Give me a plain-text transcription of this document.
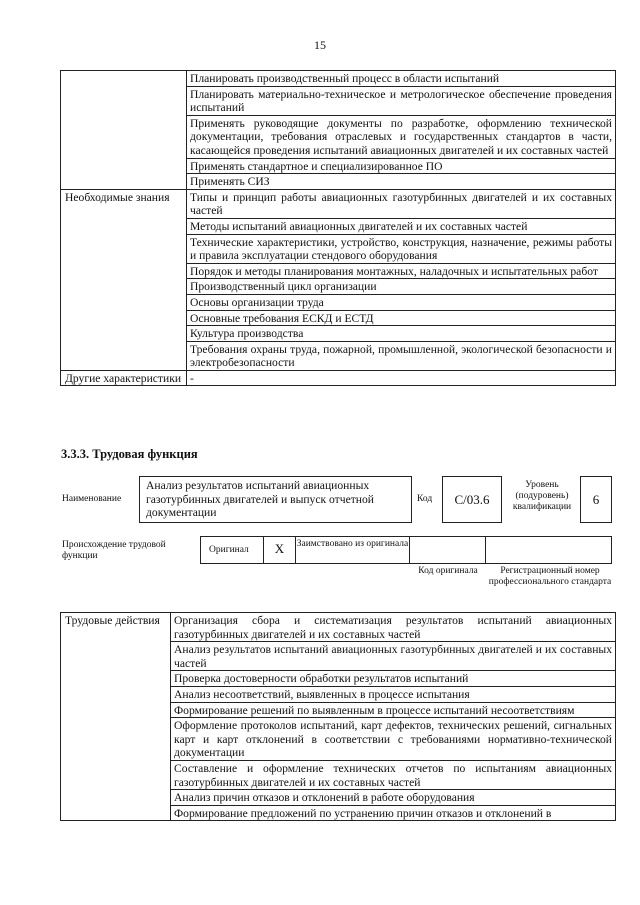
15
	Планировать производственный процесс в области испытаний
	Планировать материально-техническое и метрологическое обеспечение проведения испытаний
	Применять руководящие документы по разработке, оформлению технической документации, требования отраслевых и государственных стандартов в части, касающейся проведения испытаний авиационных двигателей и их составных частей
	Применять стандартное и специализированное ПО
	Применять СИЗ
Необходимые знания	Типы и принцип работы авиационных газотурбинных двигателей и их составных частей
	Методы испытаний авиационных двигателей и их составных частей
	Технические характеристики, устройство, конструкция, назначение, режимы работы и правила эксплуатации стендового оборудования
	Порядок и методы планирования монтажных, наладочных и испытательных работ
	Производственный цикл организации
	Основы организации труда
	Основные требования ЕСКД и ЕСТД
	Культура производства
	Требования охраны труда, пожарной, промышленной, экологической безопасности и электробезопасности
Другие характеристики	-
3.3.3. Трудовая функция
Наименование
Анализ результатов испытаний авиационных газотурбинных двигателей и выпуск отчетной документации
Код	C/03.6
Уровень (подуровень) квалификации
6
Происхождение трудовой функции
Оригинал	X	Заимствовано из оригинала
Код оригинала	Регистрационный номер профессионального стандарта
Трудовые действия	Организация сбора и систематизация результатов испытаний авиационных газотурбинных двигателей и их составных частей
Анализ результатов испытаний авиационных газотурбинных двигателей и их составных частей
Проверка достоверности обработки результатов испытаний
Анализ несоответствий, выявленных в процессе испытания
Формирование решений по выявленным в процессе испытаний несоответствиям
Оформление протоколов испытаний, карт дефектов, технических решений, сигнальных карт и карт отклонений в соответствии с требованиями нормативно-технической документации
Составление и оформление технических отчетов по испытаниям авиационных газотурбинных двигателей и их составных частей
Анализ причин отказов и отклонений в работе оборудования
Формирование предложений по устранению причин отказов и отклонений в
